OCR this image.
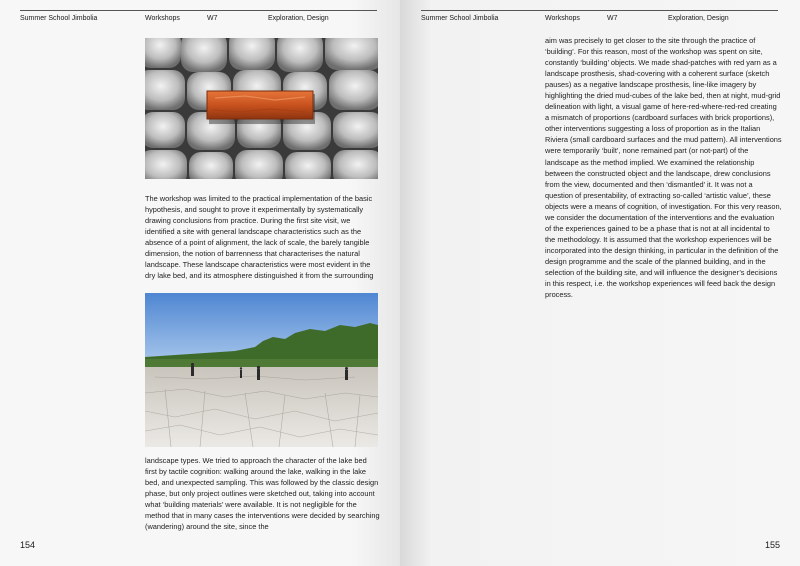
Summer School Jimbolia	Workshops	W7	Exploration, Design

The workshop was limited to the practical implementation of the basic hypothesis, and sought to prove it experimentally by systematically drawing conclusions from practice. During the first site visit, we identified a site with general landscape characteristics such as the absence of a point of alignment, the lack of scale, the barely tangible dimension, the notion of barrenness that characterises the natural landscape. These landscape characteristics were most evident in the dry lake bed, and its atmosphere distinguished it from the surrounding

landscape types. We tried to approach the character of the lake bed first by tactile cognition: walking around the lake, walking in the lake bed, and unexpected sampling. This was followed by the classic design phase, but only project outlines were sketched out, taking into account what ‘building materials’ were available. It is not negligible for the method that in many cases the interventions were decided by searching (wandering) around the site, since the

154
Summer School Jimbolia	Workshops	W7	Exploration, Design

aim was precisely to get closer to the site through the practice of ‘building’. For this reason, most of the workshop was spent on site, constantly ‘building’ objects. We made shad-patches with red yarn as a landscape prosthesis, shad-covering with a coherent surface (sketch pauses) as a negative landscape prosthesis, line-like imagery by highlighting the dried mud-cubes of the lake bed, then at night, mud-grid delineation with light, a visual game of here-red-where-red-red creating a mismatch of proportions (cardboard surfaces with brick proportions), other interventions suggesting a loss of proportion as in the Italian Riviera (small cardboard surfaces and the mud pattern). All interventions were temporarily ‘built’, none remained part (or not-part) of the landscape as the method implied. We examined the relationship between the constructed object and the landscape, drew conclusions from the view, documented and then ‘dismantled’ it. It was not a question of presentability, of extracting so-called ‘artistic value’, these objects were a means of cognition, of investigation. For this very reason, we consider the documentation of the interventions and the evaluation of the experiences gained to be a phase that is not at all incidental to the methodology. It is assumed that the workshop experiences will be incorporated into the design thinking, in particular in the definition of the design programme and the scale of the planned building, and in the selection of the building site, and will influence the designer’s decisions in this respect, i.e. the workshop experiences will feed back the design process.

155
